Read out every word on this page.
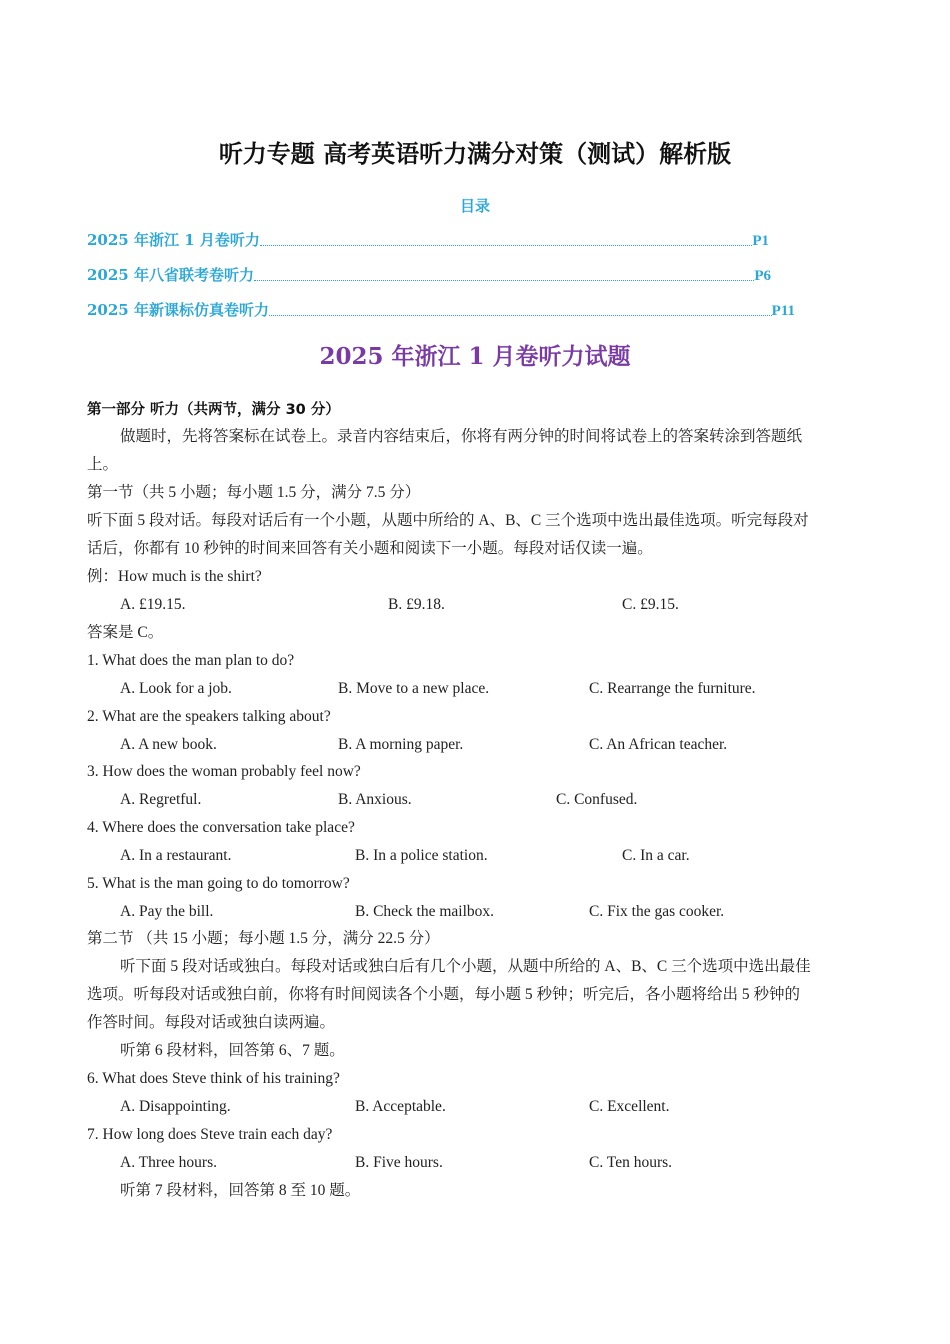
听力专题 高考英语听力满分对策（测试）解析版
目录
2025 年浙江 1 月卷听力	P1
2025 年八省联考卷听力	P6
2025 年新课标仿真卷听力	P11
2025 年浙江 1 月卷听力试题
第一部分 听力（共两节，满分 30 分）
做题时，先将答案标在试卷上。录音内容结束后，你将有两分钟的时间将试卷上的答案转涂到答题纸
上。
第一节（共 5 小题；每小题 1.5 分，满分 7.5 分）
听下面 5 段对话。每段对话后有一个小题，从题中所给的 A、B、C 三个选项中选出最佳选项。听完每段对
话后，你都有 10 秒钟的时间来回答有关小题和阅读下一小题。每段对话仅读一遍。
例：How much is the shirt?
A. £19.15.	B. £9.18.	C. £9.15.
答案是 C。
1. What does the man plan to do?
A. Look for a job.	B. Move to a new place.	C. Rearrange the furniture.
2. What are the speakers talking about?
A. A new book.	B. A morning paper.	C. An African teacher.
3. How does the woman probably feel now?
A. Regretful.	B. Anxious.	C. Confused.
4. Where does the conversation take place?
A. In a restaurant.	B. In a police station.	C. In a car.
5. What is the man going to do tomorrow?
A. Pay the bill.	B. Check the mailbox.	C. Fix the gas cooker.
第二节 （共 15 小题；每小题 1.5 分，满分 22.5 分）
听下面 5 段对话或独白。每段对话或独白后有几个小题，从题中所给的 A、B、C 三个选项中选出最佳
选项。听每段对话或独白前，你将有时间阅读各个小题，每小题 5 秒钟；听完后，各小题将给出 5 秒钟的
作答时间。每段对话或独白读两遍。
听第 6 段材料，回答第 6、7 题。
6. What does Steve think of his training?
A. Disappointing.	B. Acceptable.	C. Excellent.
7. How long does Steve train each day?
A. Three hours.	B. Five hours.	C. Ten hours.
听第 7 段材料，回答第 8 至 10 题。
